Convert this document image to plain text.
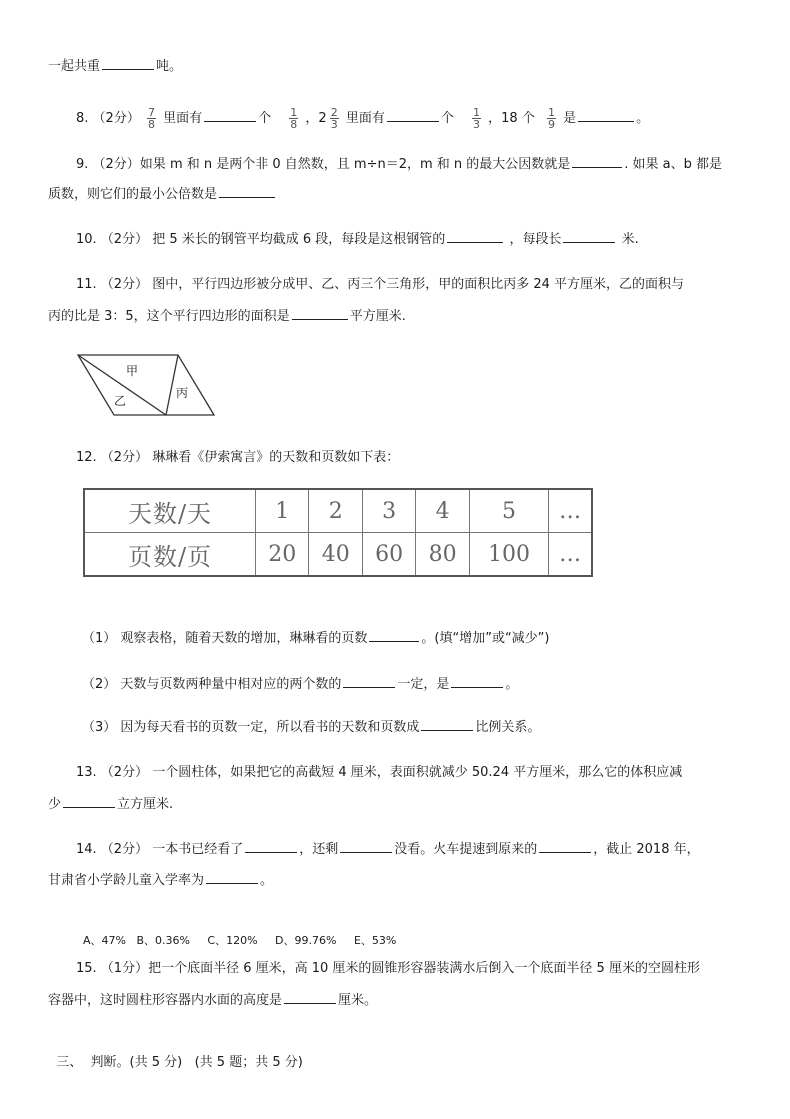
一起共重	吨。
8. （2分） $\frac{7}{8}$ 里面有	个 $\frac{1}{8}$ ，$2 \frac{2}{3}$ 里面有	个 $\frac{1}{3}$ ，18 个 $\frac{1}{9}$ 是	。
9. （2分）如果 m 和 n 是两个非 0 自然数，且 m÷n＝2，m 和 n 的最大公因数就是	. 如果 a、b 都是
质数，则它们的最小公倍数是
10. （2分） 把 5 米长的钢管平均截成 6 段，每段是这根钢管的	，每段长	米.
11. （2分） 图中，平行四边形被分成甲、乙、丙三个三角形，甲的面积比丙多 24 平方厘米，乙的面积与
丙的比是 3：5，这个平行四边形的面积是	平方厘米.
甲
乙
丙
12. （2分） 琳琳看《伊索寓言》的天数和页数如下表：
天数/天	1	2	3	4	5	…
页数/页	20	40	60	80	100	…
（1） 观察表格，随着天数的增加，琳琳看的页数	。(填“增加”或“减少”)
（2） 天数与页数两种量中相对应的两个数的	一定，是	。
（3） 因为每天看书的页数一定，所以看书的天数和页数成	比例关系。
13. （2分） 一个圆柱体，如果把它的高截短 4 厘米，表面积就减少 50.24 平方厘米，那么它的体积应减
少	立方厘米.
14. （2分） 一本书已经看了	，还剩	没看。火车提速到原来的	，截止 2018 年，
甘肃省小学龄儿童入学率为	。

A、47%   B、0.36%     C、120%     D、99.76%     E、53%

15. （1分）把一个底面半径 6 厘米，高 10 厘米的圆锥形容器装满水后倒入一个底面半径 5 厘米的空圆柱形
容器中，这时圆柱形容器内水面的高度是	厘米。

三、  判断。(共 5 分)   (共 5 题；共 5 分)
